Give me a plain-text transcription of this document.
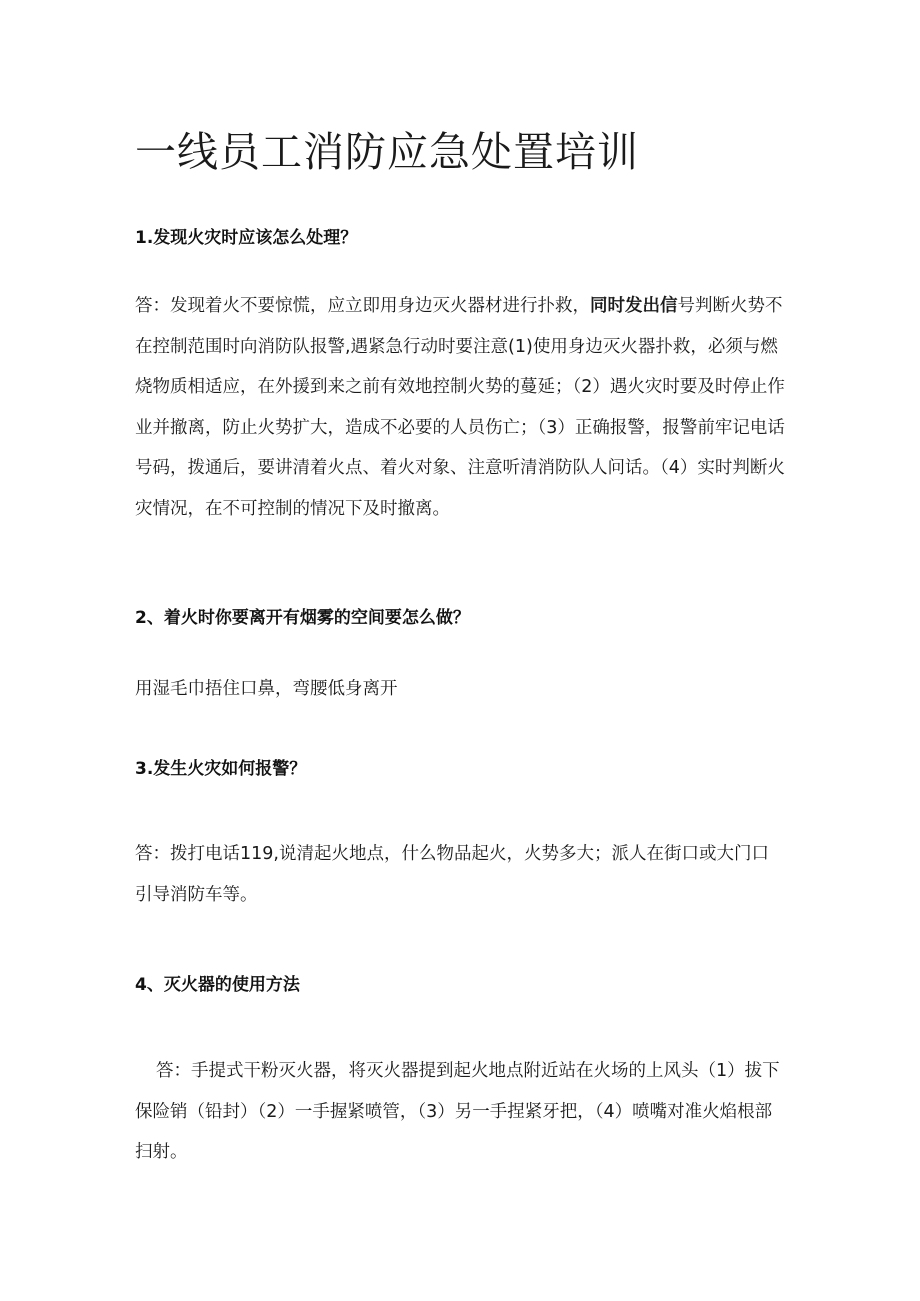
一线员工消防应急处置培训
1.发现火灾时应该怎么处理？

答：发现着火不要惊慌，应立即用身边灭火器材进行扑救，同时发出信号判断火势不在控制范围时向消防队报警,遇紧急行动时要注意(1)使用身边灭火器扑救，必须与燃烧物质相适应，在外援到来之前有效地控制火势的蔓延；（2）遇火灾时要及时停止作业并撤离，防止火势扩大，造成不必要的人员伤亡；（3）正确报警，报警前牢记电话号码，拨通后，要讲清着火点、着火对象、注意听清消防队人问话。（4）实时判断火灾情况，在不可控制的情况下及时撤离。

2、着火时你要离开有烟雾的空间要怎么做？

用湿毛巾捂住口鼻，弯腰低身离开

3.发生火灾如何报警？

答：拨打电话119,说清起火地点，什么物品起火，火势多大；派人在街口或大门口引导消防车等。

4、灭火器的使用方法

答：手提式干粉灭火器，将灭火器提到起火地点附近站在火场的上风头（1）拔下保险销（铅封）（2）一手握紧喷管，（3）另一手捏紧牙把，（4）喷嘴对准火焰根部扫射。
